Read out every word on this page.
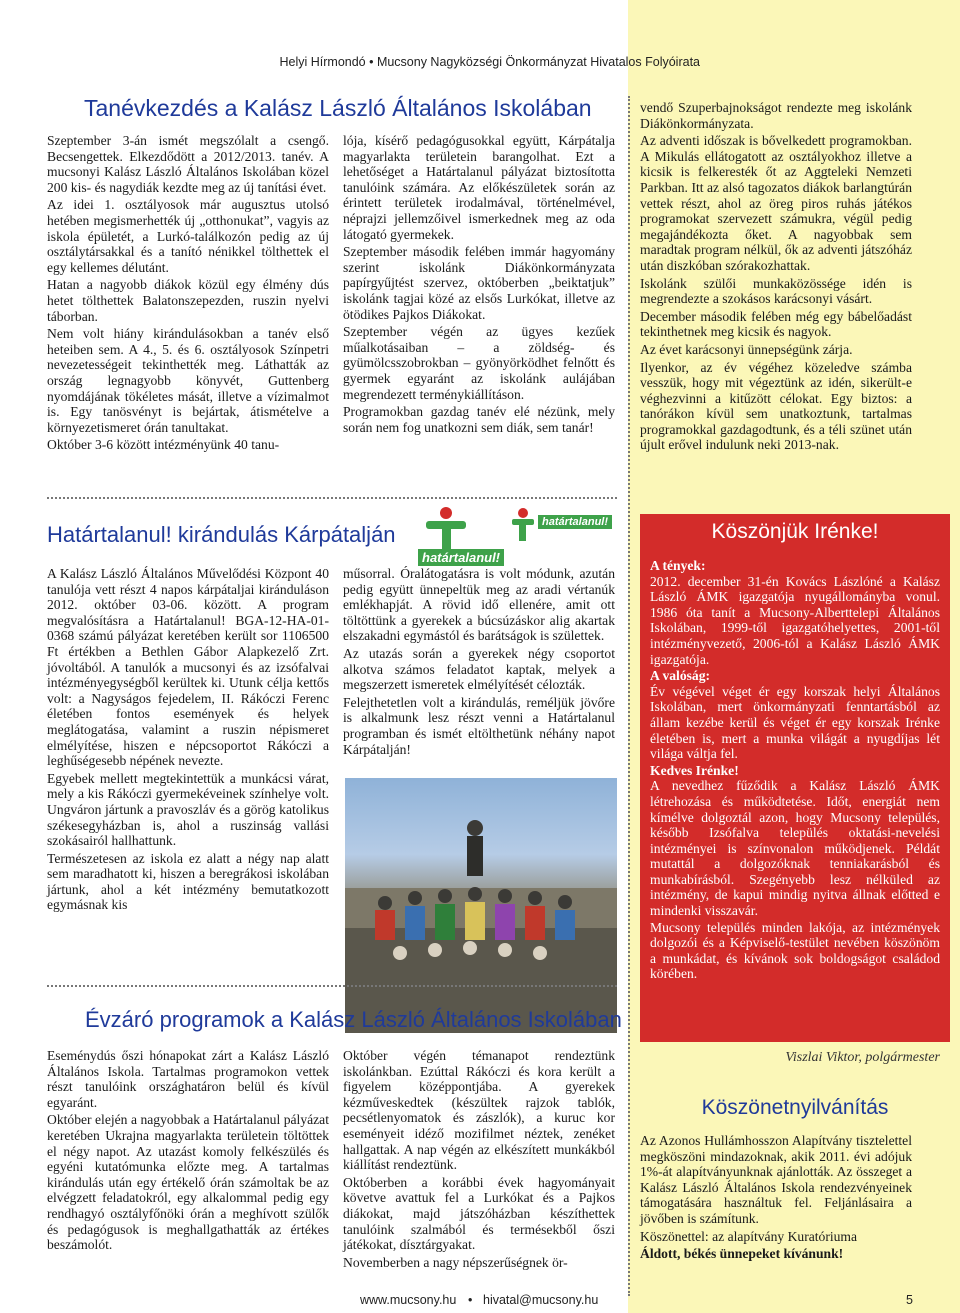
Helyi Hírmondó • Mucsony Nagyközségi Önkormányzat Hivatalos Folyóirata
Tanévkezdés a Kalász László Általános Iskolában

Szeptember 3-án ismét megszólalt a csengő. Becsengettek. Elkezdődött a 2012/2013. tanév. A mucsonyi Kalász László Általános Iskolában közel 200 kis- és nagydiák kezdte meg az új tanítási évet.

Az idei 1. osztályosok már augusztus utolsó hetében megismerhették új „otthonukat”, vagyis az iskola épületét, a Lurkó-találkozón pedig az új osztálytársakkal és a tanító nénikkel tölthettek el egy kellemes délutánt.

Hatan a nagyobb diákok közül egy élmény dús hetet tölthettek Balatonszepezden, ruszin nyelvi táborban.

Nem volt hiány kirándulásokban a tanév első heteiben sem. A 4., 5. és 6. osztályosok Színpetri nevezetességeit tekinthették meg. Láthatták az ország legnagyobb könyvét, Guttenberg nyomdájának tökéletes mását, illetve a vízimalmot is. Egy tanösvényt is bejártak, átismételve a környezetismeret órán tanultakat.

Október 3-6 között intézményünk 40 tanu-

lója, kísérő pedagógusokkal együtt, Kárpátalja magyarlakta területein barangolhat. Ezt a lehetőséget a Határtalanul pályázat biztosította tanulóink számára. Az előkészületek során az érintett területek irodalmával, történelmével, néprajzi jellemzőivel ismerkednek meg az oda látogató gyermekek.

Szeptember második felében immár hagyomány szerint iskolánk Diákönkormányzata papírgyűjtést szervez, októberben „beiktatjuk” iskolánk tagjai közé az elsős Lurkókat, illetve az ötödikes Pajkos Diákokat.

Szeptember végén az ügyes kezűek műalkotásaiban – a zöldség- és gyümölcsszobrokban – gyönyörködhet felnőtt és gyermek egyaránt az iskolánk aulájában megrendezett terménykiállításon.

Programokban gazdag tanév elé nézünk, mely során nem fog unatkozni sem diák, sem tanár!

vendő Szuperbajnokságot rendezte meg iskolánk Diákönkormányzata.

Az adventi időszak is bővelkedett programokban. A Mikulás ellátogatott az osztályokhoz illetve a kicsik is felkeresték őt az Aggteleki Nemzeti Parkban. Itt az alsó tagozatos diákok barlangtúrán vettek részt, ahol az öreg piros ruhás játékos programokat szervezett számukra, végül pedig megajándékozta őket. A nagyobbak sem maradtak program nélkül, ők az adventi játszóház után diszkóban szórakozhattak.

Iskolánk szülői munkaközössége idén is megrendezte a szokásos karácsonyi vásárt.

December második felében még egy bábelőadást tekinthetnek meg kicsik és nagyok.

Az évet karácsonyi ünnepségünk zárja.

Ilyenkor, az év végéhez közeledve számba vesszük, hogy mit végeztünk az idén, sikerült-e véghezvinni a kitűzött célokat. Egy biztos: a tanórákon kívül sem unatkoztunk, tartalmas programokkal gazdagodtunk, és a téli szünet után újult erővel indulunk neki 2013-nak.

Határtalanul! kirándulás Kárpátalján
határtalanul!
határtalanul!

A Kalász László Általános Művelődési Központ 40 tanulója vett részt 4 napos kárpátaljai kiránduláson 2012. október 03-06. között. A program megvalósításra a Határtalanul! BGA-12-HA-01-0368 számú pályázat keretében került sor 1106500 Ft értékben a Bethlen Gábor Alapkezelő Zrt. jóvoltából. A tanulók a mucsonyi és az izsófalvai intézményegységből kerültek ki. Utunk célja kettős volt: a Nagyságos fejedelem, II. Rákóczi Ferenc életében fontos események és helyek meglátogatása, valamint a ruszin népismeret elmélyítése, hiszen e népcsoportot Rákóczi a leghűségesebb népének nevezte.

Egyebek mellett megtekintettük a munkácsi várat, mely a kis Rákóczi gyermekéveinek színhelye volt. Ungváron jártunk a pravoszláv és a görög katolikus székesegyházban is, ahol a ruszinság vallási szokásairól hallhattunk.

Természetesen az iskola ez alatt a négy nap alatt sem maradhatott ki, hiszen a beregrákosi iskolában jártunk, ahol a két intézmény bemutatkozott egymásnak kis

műsorral. Óralátogatásra is volt módunk, azután pedig együtt ünnepeltük meg az aradi vértanúk emlékhapját. A rövid idő ellenére, amit ott töltöttünk a gyerekek a búcsúzáskor alig akartak elszakadni egymástól és barátságok is születtek.

Az utazás során a gyerekek négy csoportot alkotva számos feladatot kaptak, melyek a megszerzett ismeretek elmélyítését célozták.

Felejthetetlen volt a kirándulás, reméljük jövőre is alkalmunk lesz részt venni a Határtalanul programban és ismét eltölthetünk néhány napot Kárpátalján!

Évzáró programok a Kalász László Általános Iskolában

Eseménydús őszi hónapokat zárt a Kalász László Általános Iskola. Tartalmas programokon vettek részt tanulóink országhatáron belül és kívül egyaránt.

Október elején a nagyobbak a Határtalanul pályázat keretében Ukrajna magyarlakta területein töltöttek el négy napot. Az utazást komoly felkészülés és egyéni kutatómunka előzte meg. A tartalmas kirándulás után egy értékelő órán számoltak be az elvégzett feladatokról, egy alkalommal pedig egy rendhagyó osztályfőnöki órán a meghívott szülők és pedagógusok is meghallgathatták az értékes beszámolót.

Október végén témanapot rendeztünk iskolánkban. Ezúttal Rákóczi és kora került a figyelem középpontjába. A gyerekek kézműveskedtek (készültek rajzok tablók, pecsétlenyomatok és zászlók), a kuruc kor eseményeit idéző mozifilmet néztek, zenéket hallgattak. A nap végén az elkészített munkákból kiállítást rendeztünk.

Októberben a korábbi évek hagyományait követve avattuk fel a Lurkókat és a Pajkos diákokat, majd játszóházban készíthettek tanulóink szalmából és termésekből őszi játékokat, dísztárgyakat.

Novemberben a nagy népszerűségnek ör-

Köszönjük Irénke!

A tények:
2012. december 31-én Kovács Lászlóné a Kalász László ÁMK igazgatója nyugállományba vonul. 1986 óta tanít a Mucsony-Alberttelepi Általános Iskolában, 1999-től igazgatóhelyettes, 2001-től intézményvezető, 2006-tól a Kalász László ÁMK igazgatója.

A valóság:
Év végével véget ér egy korszak helyi Általános Iskolában, mert önkormányzati fenntartásból az állam kezébe kerül és véget ér egy korszak Irénke életében is, mert a munka világát a nyugdíjas lét világa váltja fel.

Kedves Irénke!
A nevedhez fűződik a Kalász László ÁMK létrehozása és működtetése. Időt, energiát nem kímélve dolgoztál azon, hogy Mucsony település, később Izsófalva település oktatási-nevelési intézményei is színvonalon működjenek. Példát mutattál a dolgozóknak tenniakarásból és munkabírásból. Szegényebb lesz nélküled az intézmény, de kapui mindig nyitva állnak előtted e mindenki visszavár.

Mucsony település minden lakója, az intézmények dolgozói és a Képviselő-testület nevében köszönöm a munkádat, és kívánok sok boldogságot családod körében.

Viszlai Viktor, polgármester
Köszönetnyilvánítás

Az Azonos Hullámhosszon Alapítvány tisztelettel megköszöni mindazoknak, akik 2011. évi adójuk 1%-át alapítványunknak ajánlották. Az összeget a Kalász László Általános Iskola rendezvényeinek támogatására használtuk fel. Feljánlásaira a jövőben is számítunk.

Köszönettel: az alapítvány Kuratóriuma

Áldott, békés ünnepeket kívánunk!

www.mucsony.hu • hivatal@mucsony.hu	5
